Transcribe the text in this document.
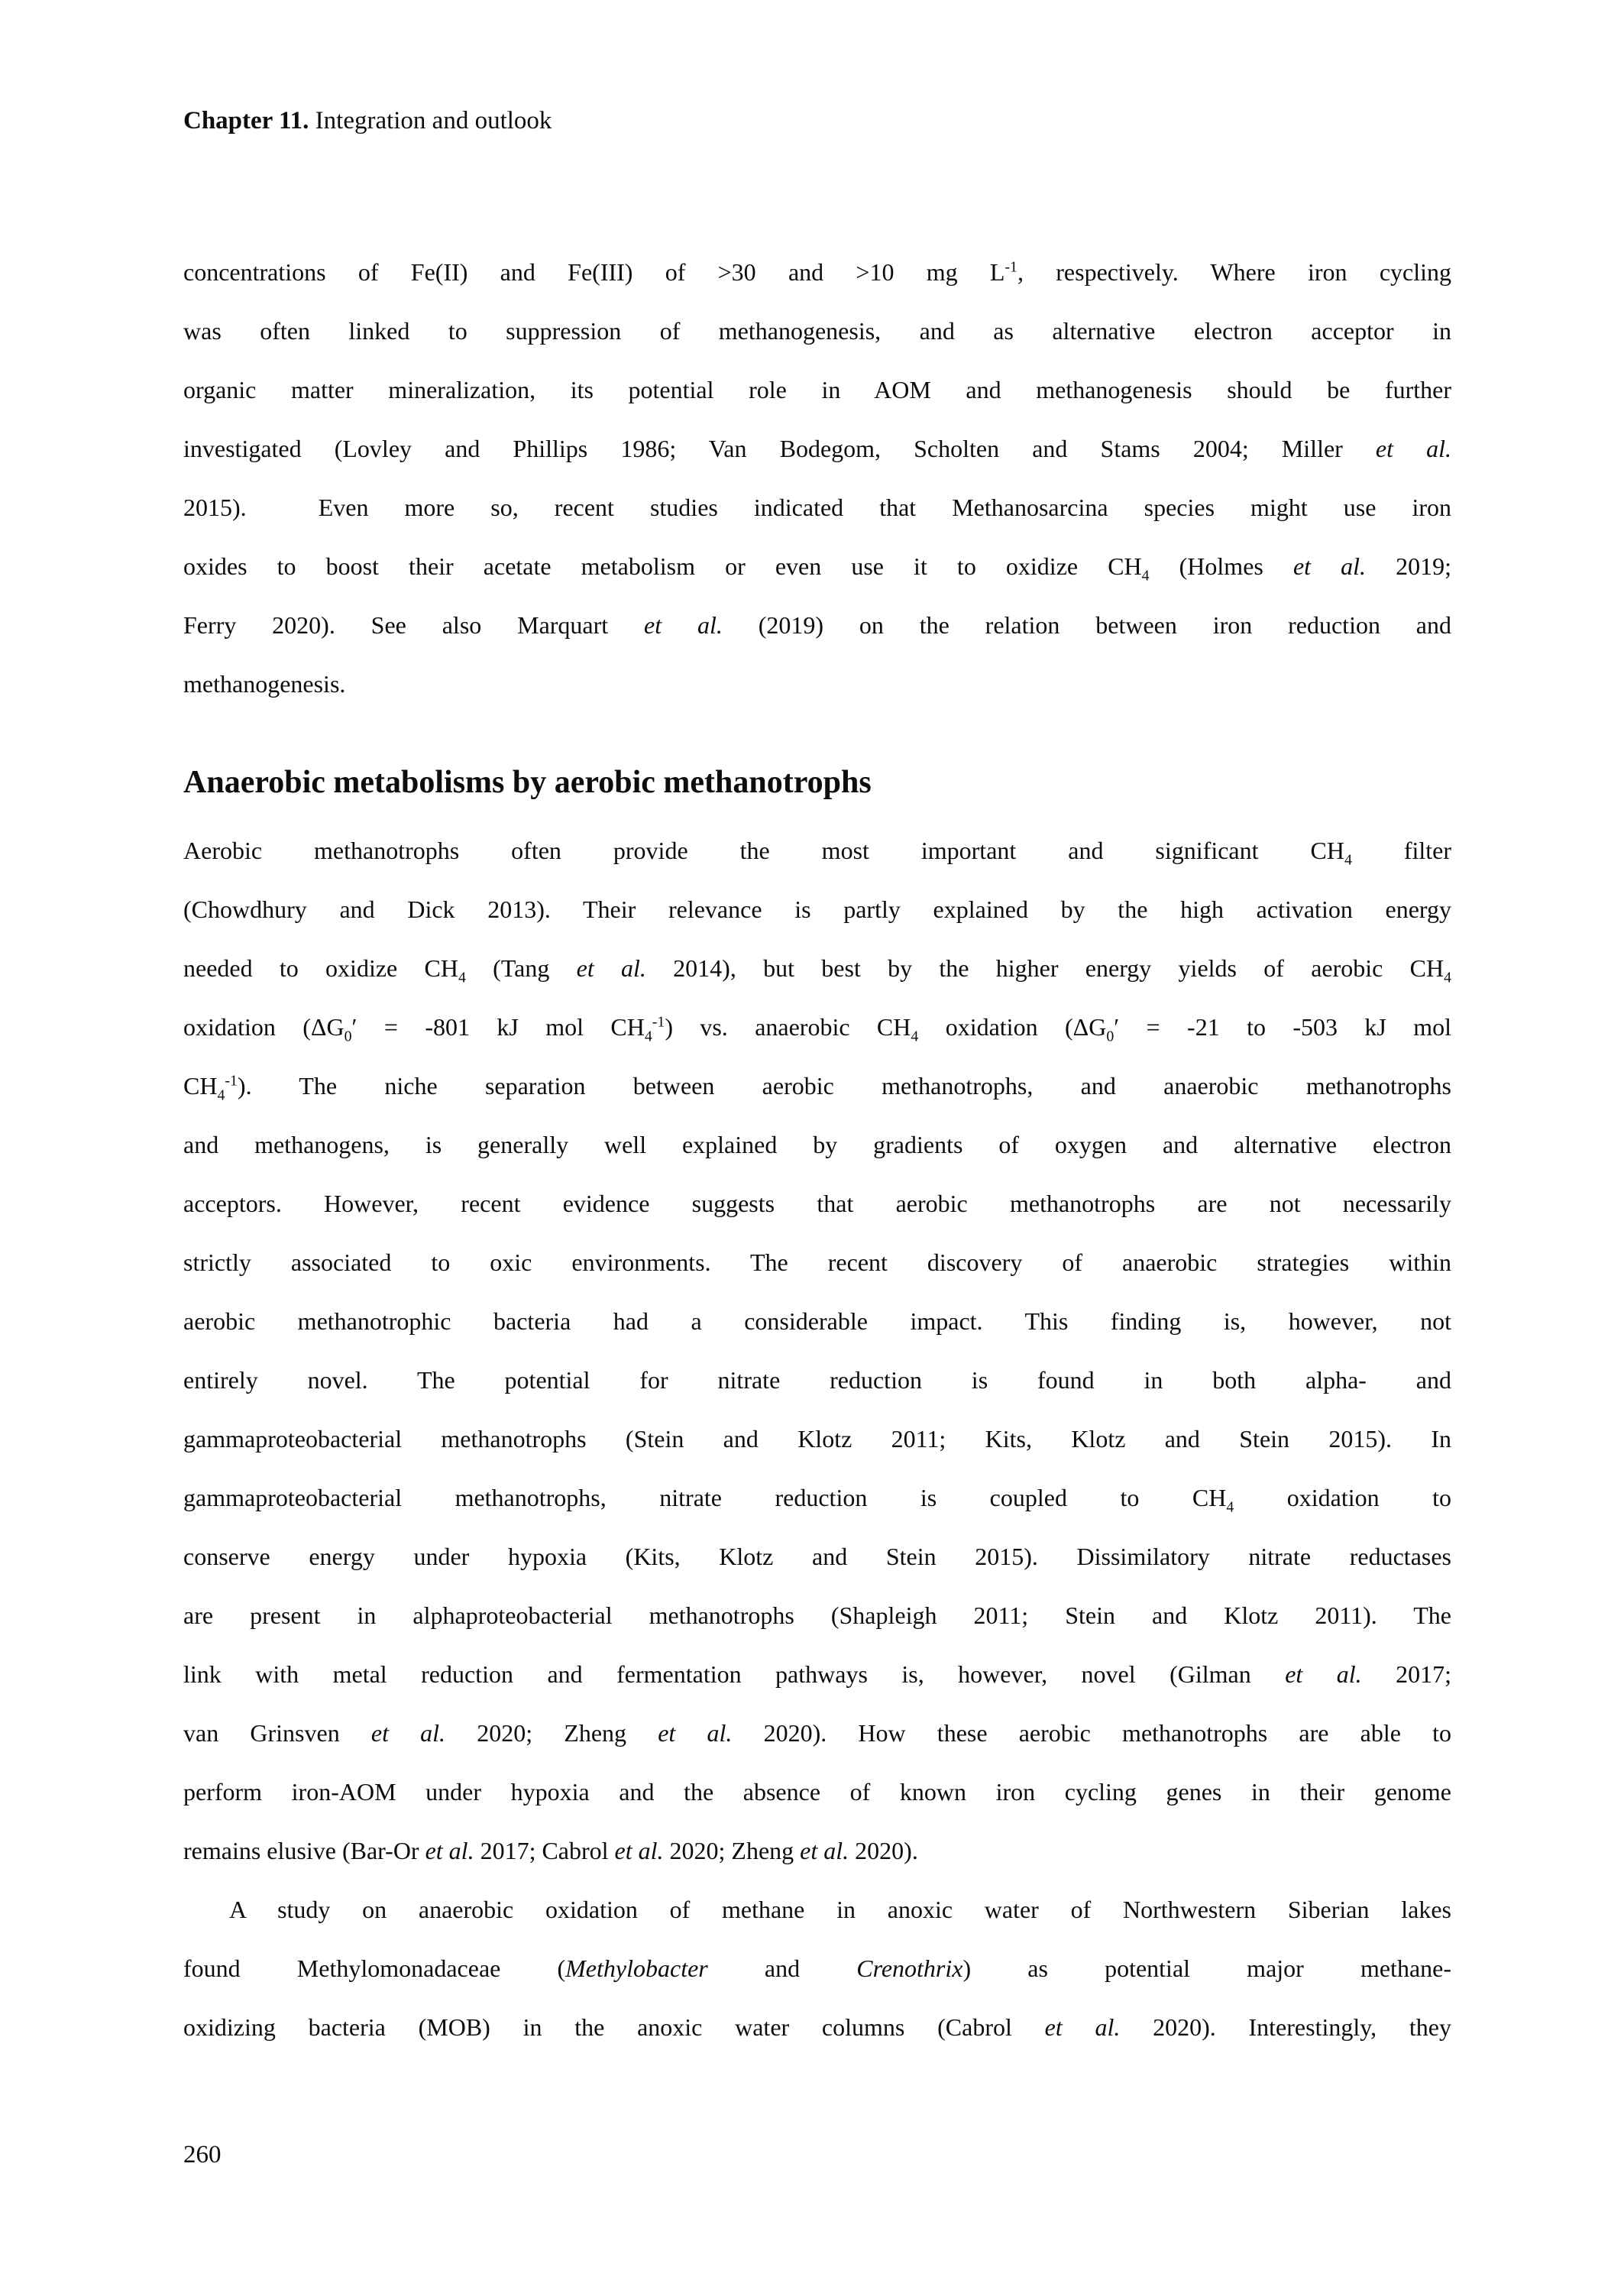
Chapter 11. Integration and outlook
concentrations of Fe(II) and Fe(III) of >30 and >10 mg $L^{-1}$, respectively. Where iron cycling
was often linked to suppression of methanogenesis, and as alternative electron acceptor in
organic matter mineralization, its potential role in AOM and methanogenesis should be further
investigated (Lovley and Phillips 1986; Van Bodegom, Scholten and Stams 2004; Miller et al.
2015).  Even more so, recent studies indicated that Methanosarcina species might use iron
oxides to boost their acetate metabolism or even use it to oxidize $CH_4$ (Holmes et al. 2019;
Ferry 2020). See also Marquart et al. (2019) on the relation between iron reduction and
methanogenesis.
Anaerobic metabolisms by aerobic methanotrophs
Aerobic methanotrophs often provide the most important and significant $CH_4$ filter
(Chowdhury and Dick 2013). Their relevance is partly explained by the high activation energy
needed to oxidize $CH_4$ (Tang et al. 2014), but best by the higher energy yields of aerobic $CH_4$
oxidation ($\Delta G_0' = -801$ kJ mol $CH_4^{-1}$) vs. anaerobic $CH_4$ oxidation ($\Delta G_0' = -21$ to -503 kJ mol
$CH_4^{-1}$). The niche separation between aerobic methanotrophs, and anaerobic methanotrophs
and methanogens, is generally well explained by gradients of oxygen and alternative electron
acceptors. However, recent evidence suggests that aerobic methanotrophs are not necessarily
strictly associated to oxic environments. The recent discovery of anaerobic strategies within
aerobic methanotrophic bacteria had a considerable impact. This finding is, however, not
entirely novel. The potential for nitrate reduction is found in both alpha- and
gammaproteobacterial methanotrophs (Stein and Klotz 2011; Kits, Klotz and Stein 2015). In
gammaproteobacterial methanotrophs, nitrate reduction is coupled to $CH_4$ oxidation to
conserve energy under hypoxia (Kits, Klotz and Stein 2015). Dissimilatory nitrate reductases
are present in alphaproteobacterial methanotrophs (Shapleigh 2011; Stein and Klotz 2011). The
link with metal reduction and fermentation pathways is, however, novel (Gilman et al. 2017;
van Grinsven et al. 2020; Zheng et al. 2020). How these aerobic methanotrophs are able to
perform iron-AOM under hypoxia and the absence of known iron cycling genes in their genome
remains elusive (Bar-Or et al. 2017; Cabrol et al. 2020; Zheng et al. 2020).
A study on anaerobic oxidation of methane in anoxic water of Northwestern Siberian lakes
found Methylomonadaceae (Methylobacter and Crenothrix) as potential major methane-
oxidizing bacteria (MOB) in the anoxic water columns (Cabrol et al. 2020). Interestingly, they
260
